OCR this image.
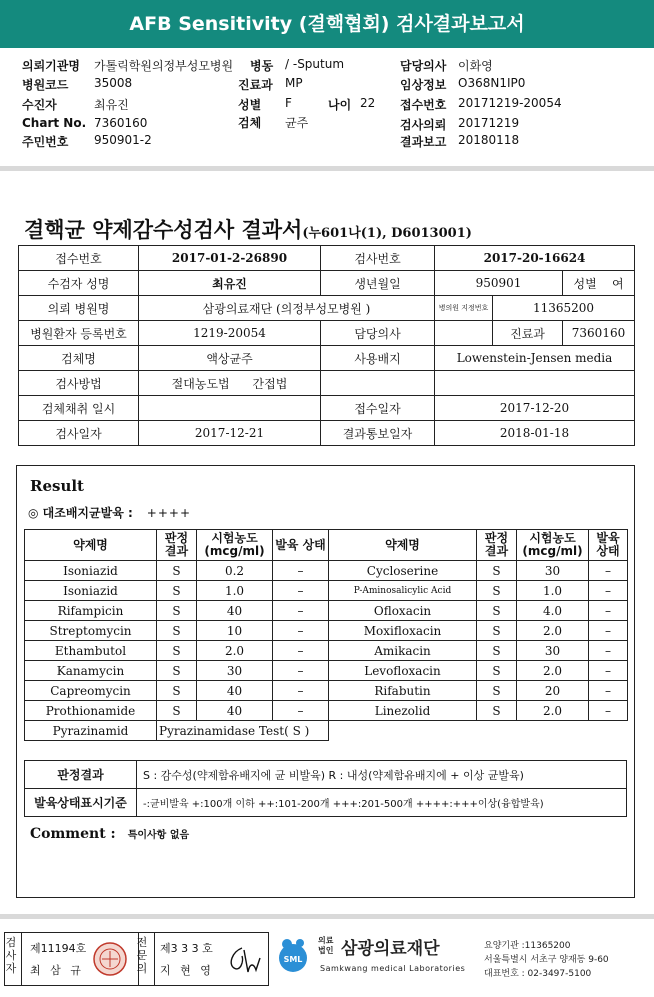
AFB Sensitivity (결핵협회) 검사결과보고서
의뢰기관명 가톨릭학원의정부성모병원 병동 / -Sputum	담당의사 이화영
병원코드 35008	진료과 MP	임상정보 O368N1IP0
수진자	최유진	성별 F	나이 22 접수번호 20171219-20054
Chart No. 7360160	검체 균주	검사의뢰 20171219
주민번호 950901-2	결과보고 20180118
결핵균 약제감수성검사 결과서(누601나(1), D6013001)
접수번호	2017-01-2-26890	검사번호	2017-20-16624		
수검자 성명	최유진	생년월일	950901		성별 여
의뢰 병원명	삼광의료재단 (의정부성모병원 )		병의원 지정번호	11365200	
병원환자 등록번호	1219-20054	담당의사		진료과	7360160
검체명	액상균주	사용배지	Lowenstein-Jensen media		
검사방법	절대농도법 간접법				
검체채취 일시		접수일자	2017-12-20		
검사일자	2017-12-21	결과통보일자	2018-01-18		
Result
◎ 대조배지균발육 : ++++
약제명	판정 결과	시험농도 (mcg/ml)	발육 상태	약제명	판정 결과	시험농도 (mcg/ml)	발육 상태
Isoniazid	S	0.2	–	Cycloserine	S	30	–
Isoniazid	S	1.0	–	P-Aminosalicylic Acid	S	1.0	–
Rifampicin	S	40	–	Ofloxacin	S	4.0	–
Streptomycin	S	10	–	Moxifloxacin	S	2.0	–
Ethambutol	S	2.0	–	Amikacin	S	30	–
Kanamycin	S	30	–	Levofloxacin	S	2.0	–
Capreomycin	S	40	–	Rifabutin	S	20	–
Prothionamide	S	40	–	Linezolid	S	2.0	–
Pyrazinamid	Pyrazinamidase Test( S )						
판정결과	S : 감수성(약제함유배지에 균 비발육) R : 내성(약제함유배지에 + 이상 균발육)
발육상태표시기준	-:균비발육 +:100개 이하 ++:101-200개 +++:201-500개 ++++:+++이상(융합발육)
Comment : 특이사항 없음
검사자
제11194호
최 삼 규
전문의
제3 3 3 호
지 현 영
SML
의료법인 삼광의료재단
Samkwang medical Laboratories
요양기관 :11365200
서울특별시 서초구 양재동 9-60
대표번호 : 02-3497-5100
